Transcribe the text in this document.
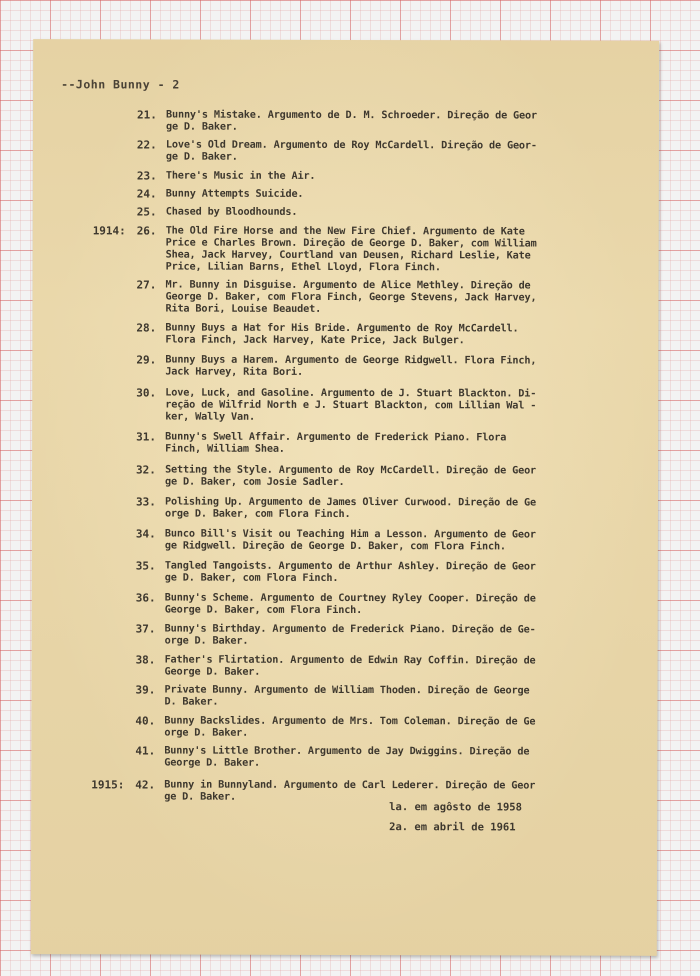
--John Bunny - 2
21. Bunny's Mistake. Argumento de D. M. Schroeder. Direção de Geor
ge D. Baker.
22. Love's Old Dream. Argumento de Roy McCardell. Direção de Geor-
ge D. Baker.
23. There's Music in the Air.
24. Bunny Attempts Suicide.
25. Chased by Bloodhounds.
1914: 26. The Old Fire Horse and the New Fire Chief. Argumento de Kate
Price e Charles Brown. Direção de George D. Baker, com William
Shea, Jack Harvey, Courtland van Deusen, Richard Leslie, Kate
Price, Lilian Barns, Ethel Lloyd, Flora Finch.
27. Mr. Bunny in Disguise. Argumento de Alice Methley. Direção de
George D. Baker, com Flora Finch, George Stevens, Jack Harvey,
Rita Bori, Louise Beaudet.
28. Bunny Buys a Hat for His Bride. Argumento de Roy McCardell.
Flora Finch, Jack Harvey, Kate Price, Jack Bulger.
29. Bunny Buys a Harem. Argumento de George Ridgwell. Flora Finch,
Jack Harvey, Rita Bori.
30. Love, Luck, and Gasoline. Argumento de J. Stuart Blackton. Di-
reção de Wilfrid North e J. Stuart Blackton, com Lillian Wal -
ker, Wally Van.
31. Bunny's Swell Affair. Argumento de Frederick Piano. Flora
Finch, William Shea.
32. Setting the Style. Argumento de Roy McCardell. Direção de Geor
ge D. Baker, com Josie Sadler.
33. Polishing Up. Argumento de James Oliver Curwood. Direção de Ge
orge D. Baker, com Flora Finch.
34. Bunco Bill's Visit ou Teaching Him a Lesson. Argumento de Geor
ge Ridgwell. Direção de George D. Baker, com Flora Finch.
35. Tangled Tangoists. Argumento de Arthur Ashley. Direção de Geor
ge D. Baker, com Flora Finch.
36. Bunny's Scheme. Argumento de Courtney Ryley Cooper. Direção de
George D. Baker, com Flora Finch.
37. Bunny's Birthday. Argumento de Frederick Piano. Direção de Ge-
orge D. Baker.
38. Father's Flirtation. Argumento de Edwin Ray Coffin. Direção de
George D. Baker.
39. Private Bunny. Argumento de William Thoden. Direção de George
D. Baker.
40. Bunny Backslides. Argumento de Mrs. Tom Coleman. Direção de Ge
orge D. Baker.
41. Bunny's Little Brother. Argumento de Jay Dwiggins. Direção de
George D. Baker.
1915: 42. Bunny in Bunnyland. Argumento de Carl Lederer. Direção de Geor
ge D. Baker.
la. em agôsto de 1958
2a. em abril de 1961
